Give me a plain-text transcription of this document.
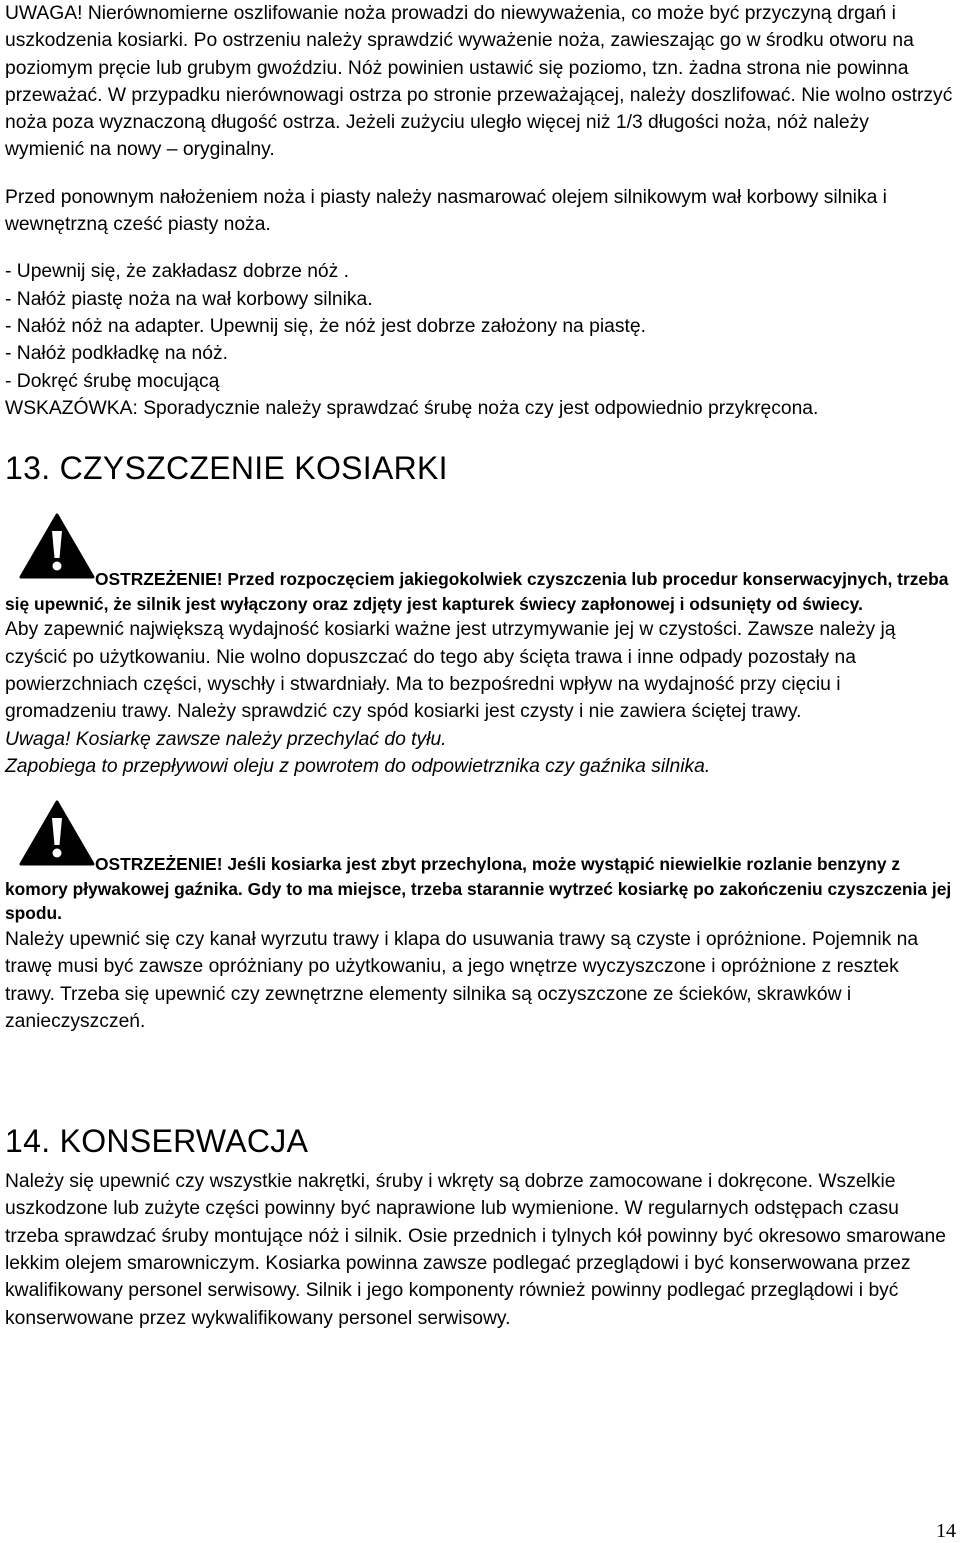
UWAGA! Nierównomierne oszlifowanie noża prowadzi do niewyważenia, co może być przyczyną drgań i uszkodzenia kosiarki. Po ostrzeniu należy sprawdzić wyważenie noża, zawieszając go w środku otworu na poziomym pręcie lub grubym gwoździu. Nóż powinien ustawić się poziomo, tzn. żadna strona nie powinna przeważać. W przypadku nierównowagi ostrza po stronie przeważającej, należy doszlifować. Nie wolno ostrzyć noża poza wyznaczoną długość ostrza. Jeżeli zużyciu uległo więcej niż 1/3 długości noża, nóż należy wymienić na nowy – oryginalny.

Przed ponownym nałożeniem noża i piasty należy nasmarować olejem silnikowym wał korbowy silnika i wewnętrzną cześć piasty noża.

- Upewnij się, że zakładasz dobrze nóż .

- Nałóż piastę noża na wał korbowy silnika.

- Nałóż nóż na adapter. Upewnij się, że nóż jest dobrze założony na piastę.

- Nałóż podkładkę na nóż.

- Dokręć śrubę mocującą

WSKAZÓWKA: Sporadycznie należy sprawdzać śrubę noża czy jest odpowiednio przykręcona.

13. CZYSZCZENIE KOSIARKI

OSTRZEŻENIE! Przed rozpoczęciem jakiegokolwiek czyszczenia lub procedur konserwacyjnych, trzeba się upewnić, że silnik jest wyłączony oraz zdjęty jest kapturek świecy zapłonowej i odsunięty od świecy.

Aby zapewnić największą wydajność kosiarki ważne jest utrzymywanie jej w czystości. Zawsze należy ją czyścić po użytkowaniu. Nie wolno dopuszczać do tego aby ścięta trawa i inne odpady pozostały na powierzchniach części, wyschły i stwardniały. Ma to bezpośredni wpływ na wydajność przy cięciu i gromadzeniu trawy. Należy sprawdzić czy spód kosiarki jest czysty i nie zawiera ściętej trawy.

Uwaga! Kosiarkę zawsze należy przechylać do tyłu.

Zapobiega to przepływowi oleju z powrotem do odpowietrznika czy gaźnika silnika.

OSTRZEŻENIE! Jeśli kosiarka jest zbyt przechylona, może wystąpić niewielkie rozlanie benzyny z komory pływakowej gaźnika. Gdy to ma miejsce, trzeba starannie wytrzeć kosiarkę po zakończeniu czyszczenia jej spodu.

Należy upewnić się czy kanał wyrzutu trawy i klapa do usuwania trawy są czyste i opróżnione. Pojemnik na trawę musi być zawsze opróżniany po użytkowaniu, a jego wnętrze wyczyszczone i opróżnione z resztek trawy. Trzeba się upewnić czy zewnętrzne elementy silnika są oczyszczone ze ścieków, skrawków i zanieczyszczeń.

14. KONSERWACJA

Należy się upewnić czy wszystkie nakrętki, śruby i wkręty są dobrze zamocowane i dokręcone. Wszelkie uszkodzone lub zużyte części powinny być naprawione lub wymienione. W regularnych odstępach czasu trzeba sprawdzać śruby montujące nóż i silnik. Osie przednich i tylnych kół powinny być okresowo smarowane lekkim olejem smarowniczym. Kosiarka powinna zawsze podlegać przeglądowi i być konserwowana przez kwalifikowany personel serwisowy. Silnik i jego komponenty również powinny podlegać przeglądowi i być konserwowane przez wykwalifikowany personel serwisowy.

14
